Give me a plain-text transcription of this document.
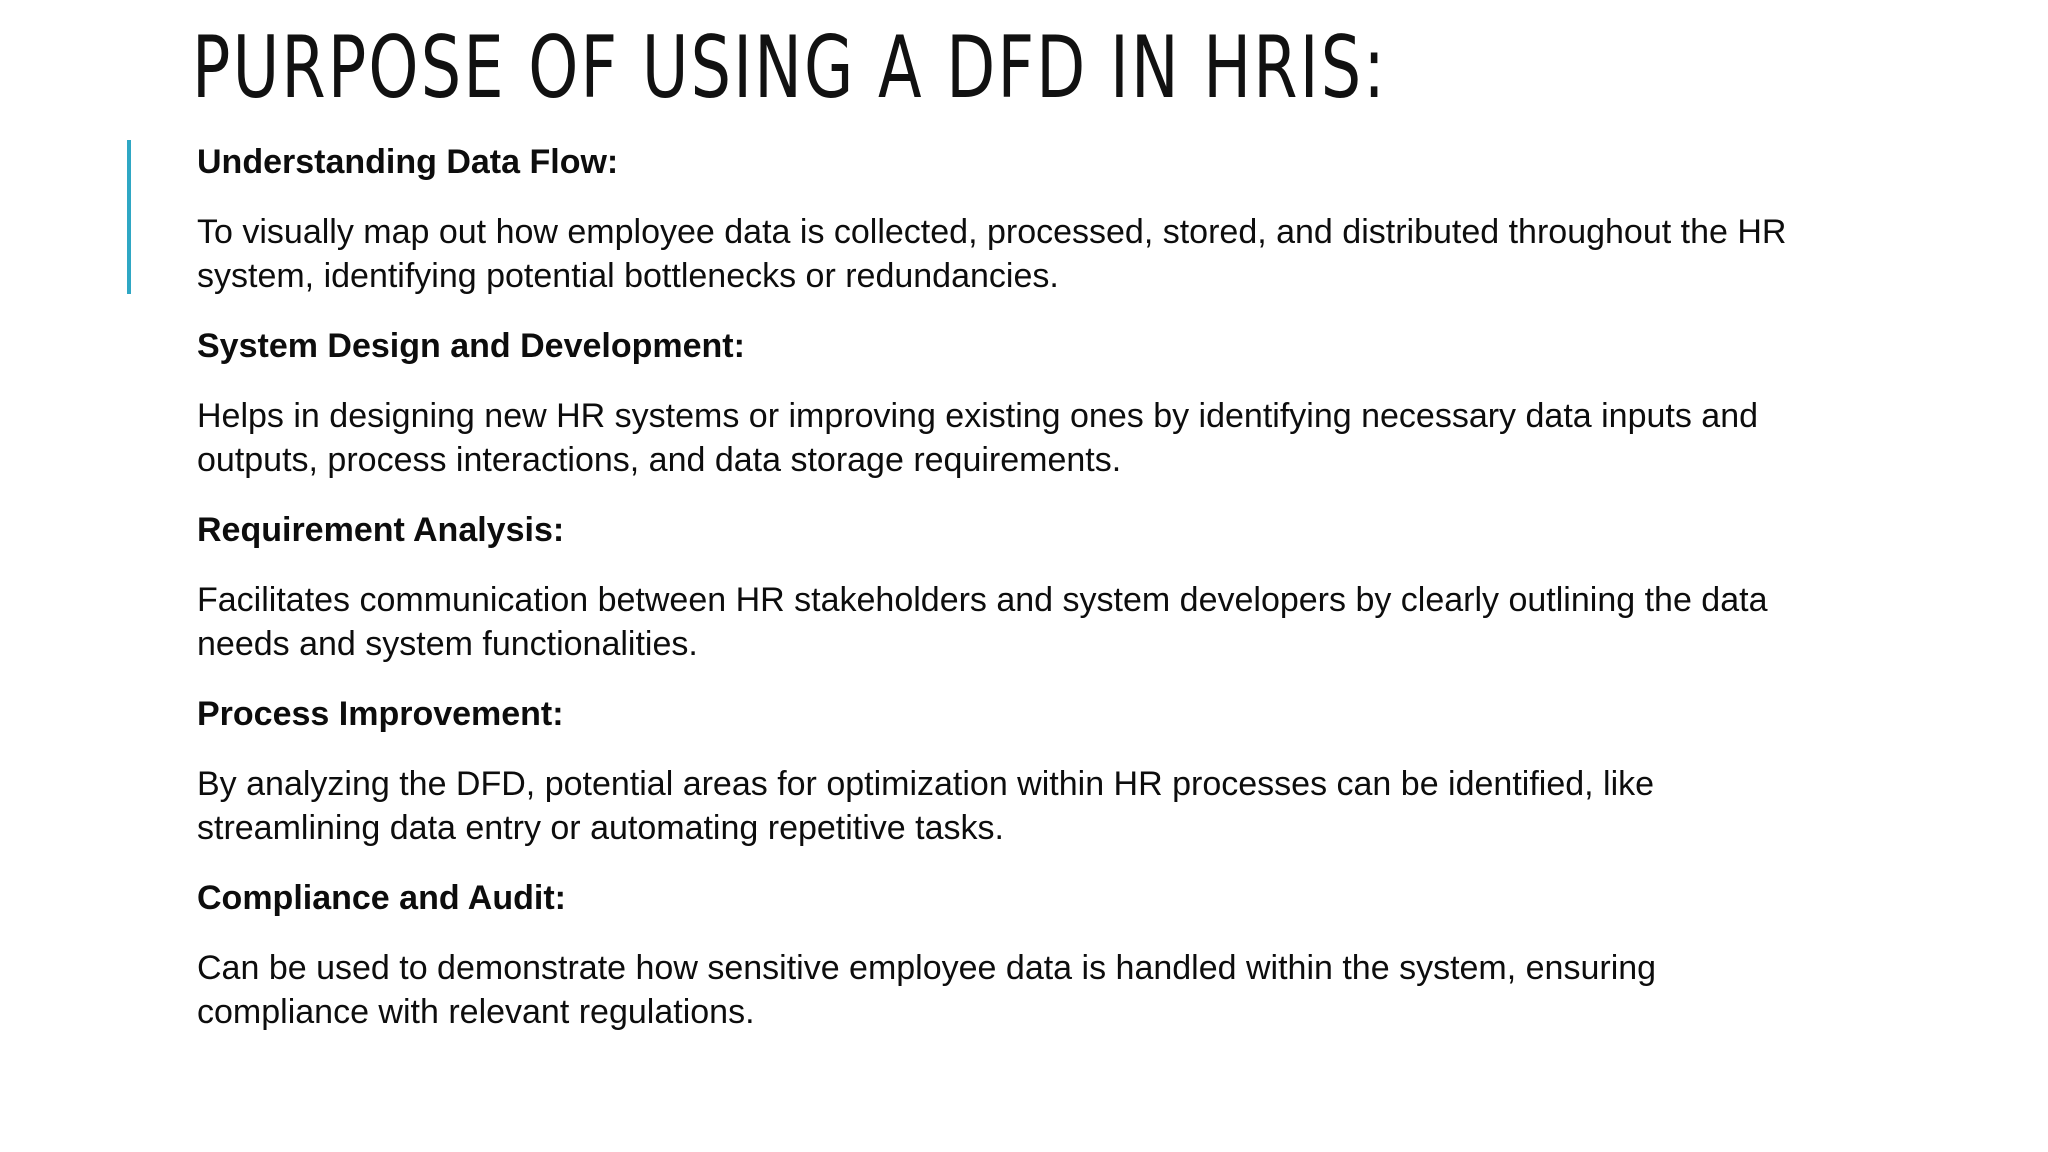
PURPOSE OF USING A DFD IN HRIS:

Understanding Data Flow:

To visually map out how employee data is collected, processed, stored, and distributed throughout the HR system, identifying potential bottlenecks or redundancies.

System Design and Development:

Helps in designing new HR systems or improving existing ones by identifying necessary data inputs and outputs, process interactions, and data storage requirements.

Requirement Analysis:

Facilitates communication between HR stakeholders and system developers by clearly outlining the data needs and system functionalities.

Process Improvement:

By analyzing the DFD, potential areas for optimization within HR processes can be identified, like streamlining data entry or automating repetitive tasks.

Compliance and Audit:

Can be used to demonstrate how sensitive employee data is handled within the system, ensuring compliance with relevant regulations.
